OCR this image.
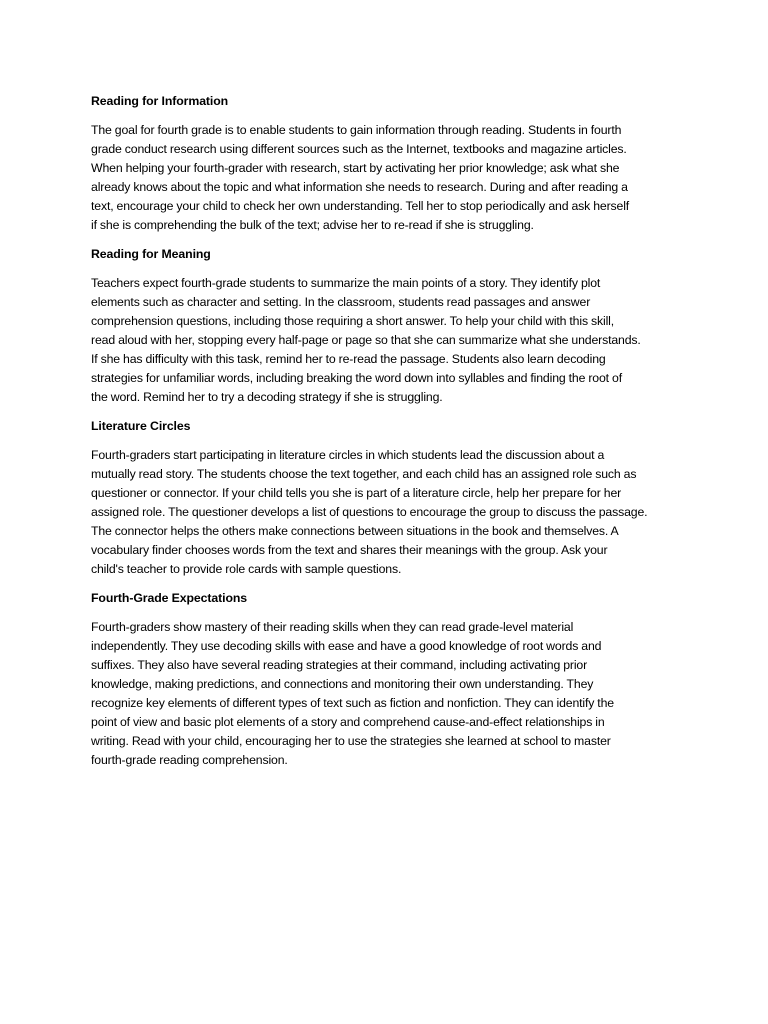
Reading for Information
The goal for fourth grade is to enable students to gain information through reading. Students in fourth
grade conduct research using different sources such as the Internet, textbooks and magazine articles.
When helping your fourth-grader with research, start by activating her prior knowledge; ask what she
already knows about the topic and what information she needs to research. During and after reading a
text, encourage your child to check her own understanding. Tell her to stop periodically and ask herself
if she is comprehending the bulk of the text; advise her to re-read if she is struggling.
Reading for Meaning
Teachers expect fourth-grade students to summarize the main points of a story. They identify plot
elements such as character and setting. In the classroom, students read passages and answer
comprehension questions, including those requiring a short answer. To help your child with this skill,
read aloud with her, stopping every half-page or page so that she can summarize what she understands.
If she has difficulty with this task, remind her to re-read the passage. Students also learn decoding
strategies for unfamiliar words, including breaking the word down into syllables and finding the root of
the word. Remind her to try a decoding strategy if she is struggling.
Literature Circles
Fourth-graders start participating in literature circles in which students lead the discussion about a
mutually read story. The students choose the text together, and each child has an assigned role such as
questioner or connector. If your child tells you she is part of a literature circle, help her prepare for her
assigned role. The questioner develops a list of questions to encourage the group to discuss the passage.
The connector helps the others make connections between situations in the book and themselves. A
vocabulary finder chooses words from the text and shares their meanings with the group. Ask your
child's teacher to provide role cards with sample questions.
Fourth-Grade Expectations
Fourth-graders show mastery of their reading skills when they can read grade-level material
independently. They use decoding skills with ease and have a good knowledge of root words and
suffixes. They also have several reading strategies at their command, including activating prior
knowledge, making predictions, and connections and monitoring their own understanding. They
recognize key elements of different types of text such as fiction and nonfiction. They can identify the
point of view and basic plot elements of a story and comprehend cause-and-effect relationships in
writing. Read with your child, encouraging her to use the strategies she learned at school to master
fourth-grade reading comprehension.
